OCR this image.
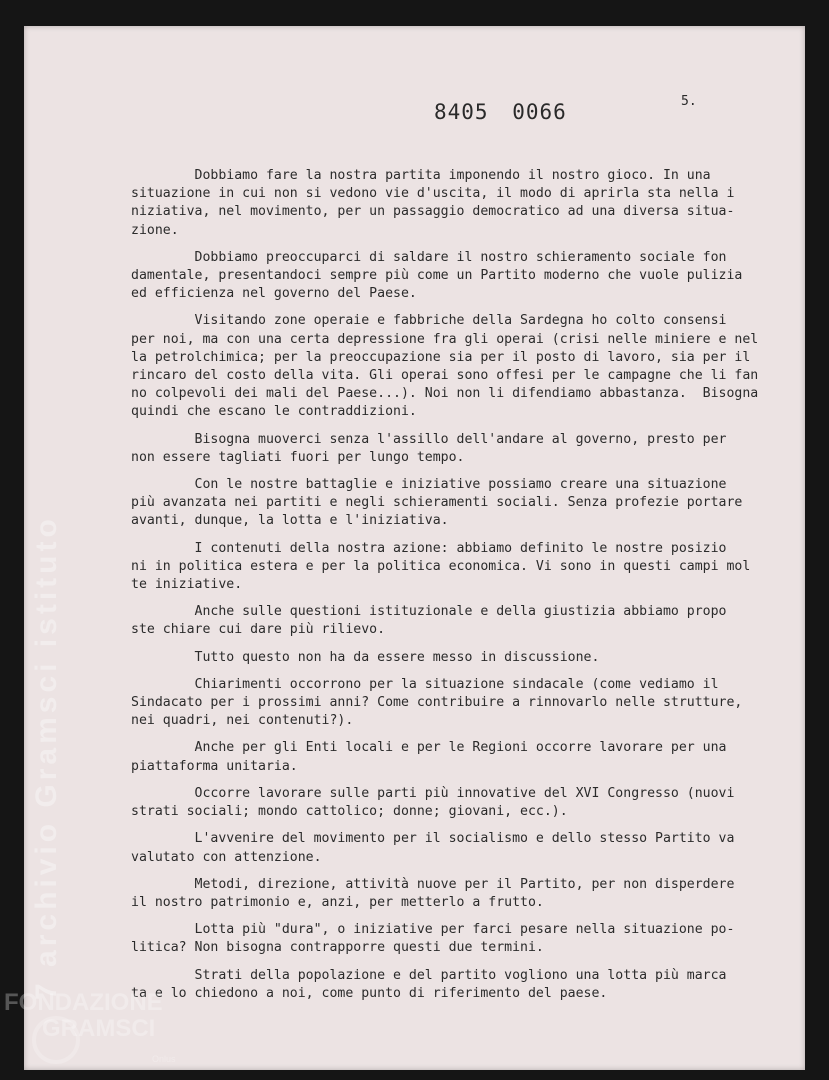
7 archivio Gramsci istituto
8405 0066	5.

Dobbiamo fare la nostra partita imponendo il nostro gioco. In una
situazione in cui non si vedono vie d'uscita, il modo di aprirla sta nella i
niziativa, nel movimento, per un passaggio democratico ad una diversa situa-
zione.

Dobbiamo preoccuparci di saldare il nostro schieramento sociale fon
damentale, presentandoci sempre più come un Partito moderno che vuole pulizia
ed efficienza nel governo del Paese.

Visitando zone operaie e fabbriche della Sardegna ho colto consensi
per noi, ma con una certa depressione fra gli operai (crisi nelle miniere e nel
la petrolchimica; per la preoccupazione sia per il posto di lavoro, sia per il
rincaro del costo della vita. Gli operai sono offesi per le campagne che li fan
no colpevoli dei mali del Paese...). Noi non li difendiamo abbastanza.  Bisogna
quindi che escano le contraddizioni.

Bisogna muoverci senza l'assillo dell'andare al governo, presto per
non essere tagliati fuori per lungo tempo.

Con le nostre battaglie e iniziative possiamo creare una situazione
più avanzata nei partiti e negli schieramenti sociali. Senza profezie portare
avanti, dunque, la lotta e l'iniziativa.

I contenuti della nostra azione: abbiamo definito le nostre posizio
ni in politica estera e per la politica economica. Vi sono in questi campi mol
te iniziative.

Anche sulle questioni istituzionale e della giustizia abbiamo propo
ste chiare cui dare più rilievo.

Tutto questo non ha da essere messo in discussione.

Chiarimenti occorrono per la situazione sindacale (come vediamo il
Sindacato per i prossimi anni? Come contribuire a rinnovarlo nelle strutture,
nei quadri, nei contenuti?).

Anche per gli Enti locali e per le Regioni occorre lavorare per una
piattaforma unitaria.

Occorre lavorare sulle parti più innovative del XVI Congresso (nuovi
strati sociali; mondo cattolico; donne; giovani, ecc.).

L'avvenire del movimento per il socialismo e dello stesso Partito va
valutato con attenzione.

Metodi, direzione, attività nuove per il Partito, per non disperdere
il nostro patrimonio e, anzi, per metterlo a frutto.

Lotta più "dura", o iniziative per farci pesare nella situazione po-
litica? Non bisogna contrapporre questi due termini.

Strati della popolazione e del partito vogliono una lotta più marca
ta e lo chiedono a noi, come punto di riferimento del paese.

FONDAZIONE
GRAMSCI
Onlus
